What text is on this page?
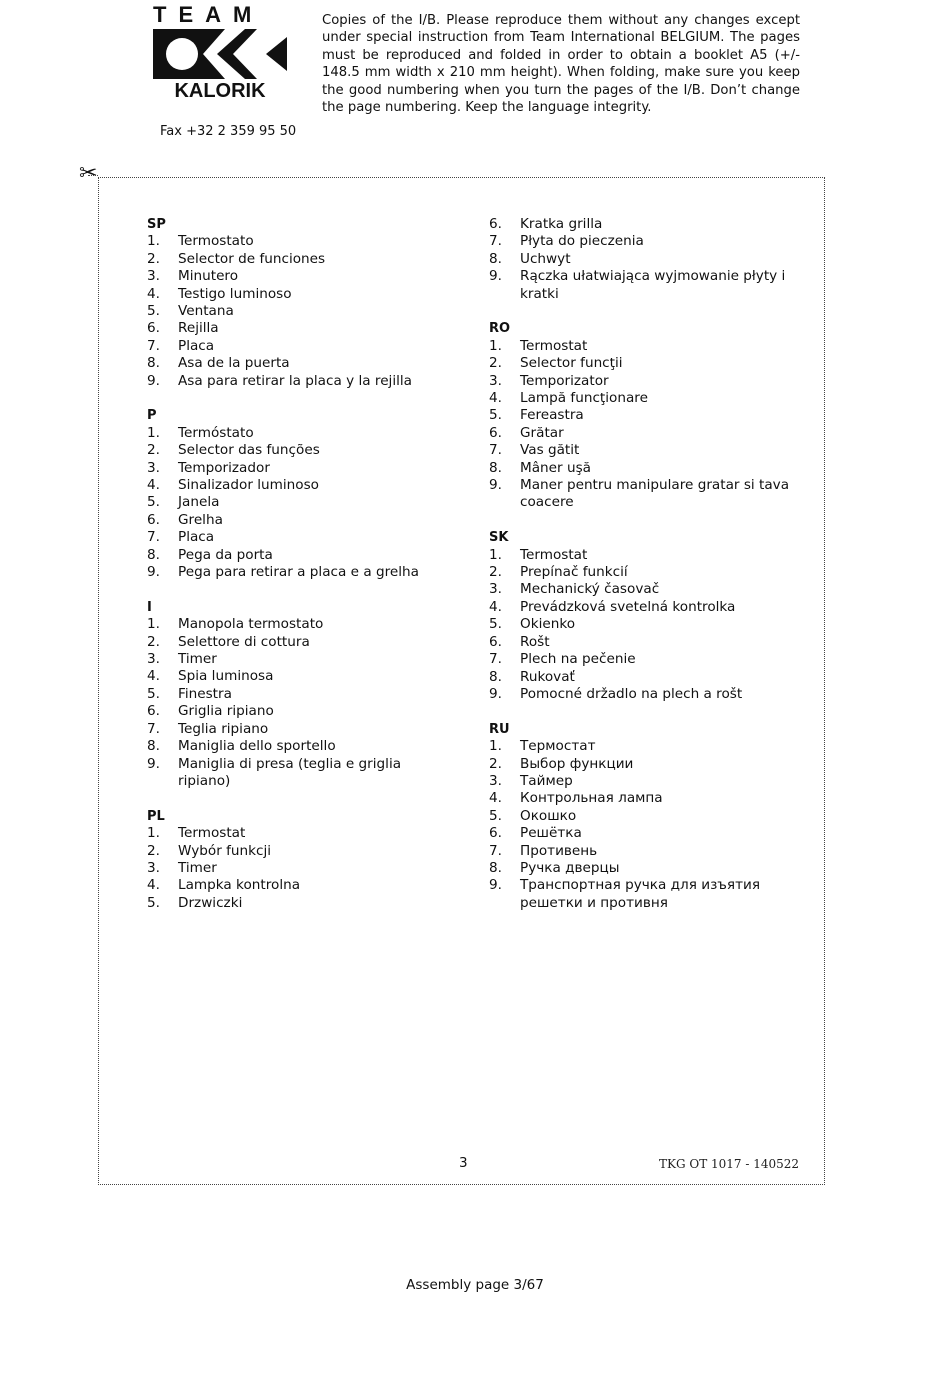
TEAM
KALORIK
Fax +32 2 359 95 50
Copies of the I/B. Please reproduce them without any changes except under special instruction from Team International BELGIUM. The pages must be reproduced and folded in order to obtain a booklet A5 (+/- 148.5 mm width x 210 mm height). When folding, make sure you keep the good numbering when you turn the pages of the I/B. Don’t change the page numbering. Keep the language integrity.
✂
SP
1.	Termostato
2.	Selector de funciones
3.	Minutero
4.	Testigo luminoso
5.	Ventana
6.	Rejilla
7.	Placa
8.	Asa de la puerta
9.	Asa para retirar la placa y la rejilla
P
1.	Termóstato
2.	Selector das funções
3.	Temporizador
4.	Sinalizador luminoso
5.	Janela
6.	Grelha
7.	Placa
8.	Pega da porta
9.	Pega para retirar a placa e a grelha
I
1.	Manopola termostato
2.	Selettore di cottura
3.	Timer
4.	Spia luminosa
5.	Finestra
6.	Griglia ripiano
7.	Teglia ripiano
8.	Maniglia dello sportello
9.	Maniglia di presa (teglia e griglia ripiano)
PL
1.	Termostat
2.	Wybór funkcji
3.	Timer
4.	Lampka kontrolna
5.	Drzwiczki
6.	Kratka grilla
7.	Płyta do pieczenia
8.	Uchwyt
9.	Rączka ułatwiająca wyjmowanie płyty i kratki
RO
1.	Termostat
2.	Selector funcţii
3.	Temporizator
4.	Lampă funcţionare
5.	Fereastra
6.	Grătar
7.	Vas gătit
8.	Mâner uşă
9.	Maner pentru manipulare gratar si tava coacere
SK
1.	Termostat
2.	Prepínač funkcií
3.	Mechanický časovač
4.	Prevádzková svetelná kontrolka
5.	Okienko
6.	Rošt
7.	Plech na pečenie
8.	Rukovať
9.	Pomocné držadlo na plech a rošt
RU
1.	Термостат
2.	Выбор функции
3.	Таймер
4.	Контрольная лампа
5.	Окошко
6.	Решётка
7.	Противень
8.	Ручка дверцы
9.	Транспортная ручка для изъятия решетки и противня
3	TKG OT 1017 - 140522
Assembly page 3/67
